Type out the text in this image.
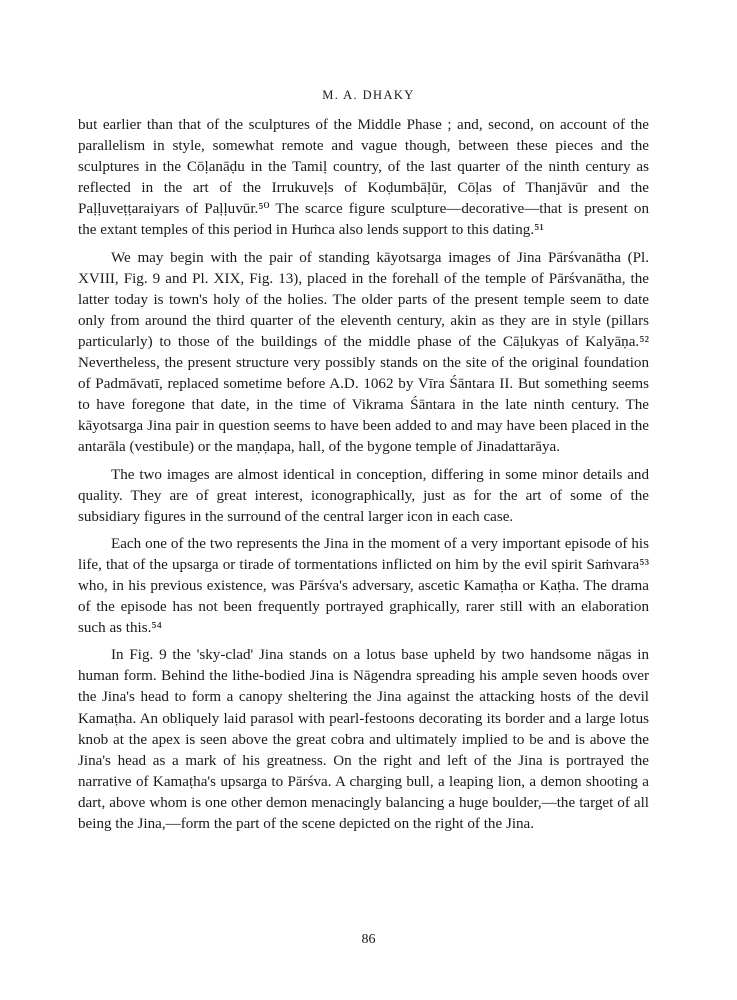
M. A. DHAKY

but earlier than that of the sculptures of the Middle Phase ; and, second, on account of the parallelism in style, somewhat remote and vague though, between these pieces and the sculptures in the Cōḷanāḍu in the Tamiḷ country, of the last quarter of the ninth century as reflected in the art of the Irrukuveḷs of Koḍumbāḷūr, Cōḷas of Thanjāvūr and the Paḷḷuveṭṭaraiyars of Paḷḷuvūr.⁵⁰ The scarce figure sculpture—decorative—that is present on the extant temples of this period in Huṁca also lends support to this dating.⁵¹

We may begin with the pair of standing kāyotsarga images of Jina Pārśvanātha (Pl. XVIII, Fig. 9 and Pl. XIX, Fig. 13), placed in the forehall of the temple of Pārśvanātha, the latter today is town's holy of the holies. The older parts of the present temple seem to date only from around the third quarter of the eleventh century, akin as they are in style (pillars particularly) to those of the buildings of the middle phase of the Cāḷukyas of Kalyāṇa.⁵² Nevertheless, the present structure very possibly stands on the site of the original foundation of Padmāvatī, replaced sometime before A.D. 1062 by Vīra Śāntara II. But something seems to have foregone that date, in the time of Vikrama Śāntara in the late ninth century. The kāyotsarga Jina pair in question seems to have been added to and may have been placed in the antarāla (vestibule) or the maṇḍapa, hall, of the bygone temple of Jinadattarāya.

The two images are almost identical in conception, differing in some minor details and quality. They are of great interest, iconographically, just as for the art of some of the subsidiary figures in the surround of the central larger icon in each case.

Each one of the two represents the Jina in the moment of a very important episode of his life, that of the upsarga or tirade of tormentations inflicted on him by the evil spirit Saṁvara⁵³ who, in his previous existence, was Pārśva's adversary, ascetic Kamaṭha or Kaṭha. The drama of the episode has not been frequently portrayed graphically, rarer still with an elaboration such as this.⁵⁴

In Fig. 9 the 'sky-clad' Jina stands on a lotus base upheld by two handsome nāgas in human form. Behind the lithe-bodied Jina is Nāgendra spreading his ample seven hoods over the Jina's head to form a canopy sheltering the Jina against the attacking hosts of the devil Kamaṭha. An obliquely laid parasol with pearl-festoons decorating its border and a large lotus knob at the apex is seen above the great cobra and ultimately implied to be and is above the Jina's head as a mark of his greatness. On the right and left of the Jina is portrayed the narrative of Kamaṭha's upsarga to Pārśva. A charging bull, a leaping lion, a demon shooting a dart, above whom is one other demon menacingly balancing a huge boulder,—the target of all being the Jina,—form the part of the scene depicted on the right of the Jina.

86
